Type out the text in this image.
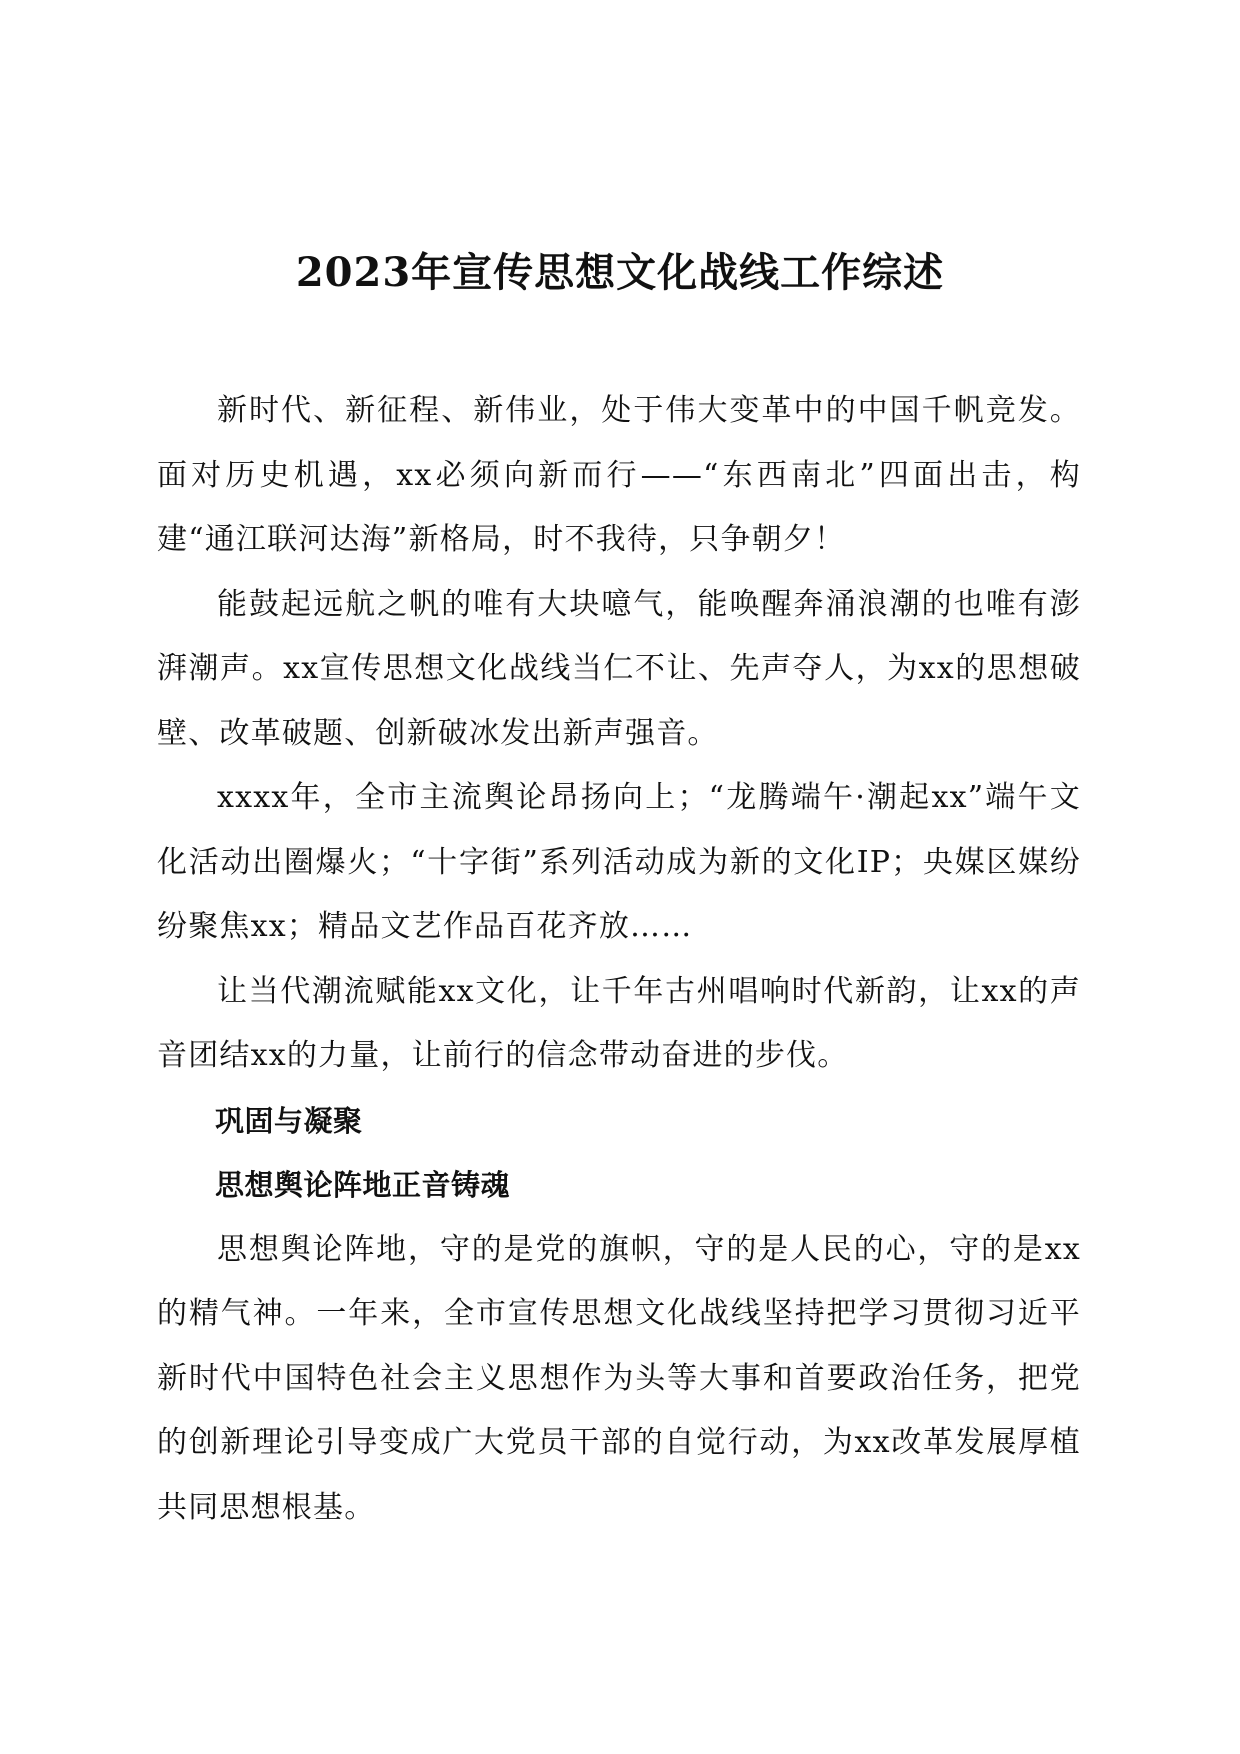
2023年宣传思想文化战线工作综述

新时代、新征程、新伟业，处于伟大变革中的中国千帆竞发。面对历史机遇，xx必须向新而行——“东西南北”四面出击，构建“通江联河达海”新格局，时不我待，只争朝夕！

能鼓起远航之帆的唯有大块噫气，能唤醒奔涌浪潮的也唯有澎湃潮声。xx宣传思想文化战线当仁不让、先声夺人，为xx的思想破壁、改革破题、创新破冰发出新声强音。

xxxx年，全市主流舆论昂扬向上；“龙腾端午·潮起xx”端午文化活动出圈爆火；“十字街”系列活动成为新的文化IP；央媒区媒纷纷聚焦xx；精品文艺作品百花齐放……

让当代潮流赋能xx文化，让千年古州唱响时代新韵，让xx的声音团结xx的力量，让前行的信念带动奋进的步伐。

巩固与凝聚
思想舆论阵地正音铸魂

思想舆论阵地，守的是党的旗帜，守的是人民的心，守的是xx的精气神。一年来，全市宣传思想文化战线坚持把学习贯彻习近平新时代中国特色社会主义思想作为头等大事和首要政治任务，把党的创新理论引导变成广大党员干部的自觉行动，为xx改革发展厚植共同思想根基。
